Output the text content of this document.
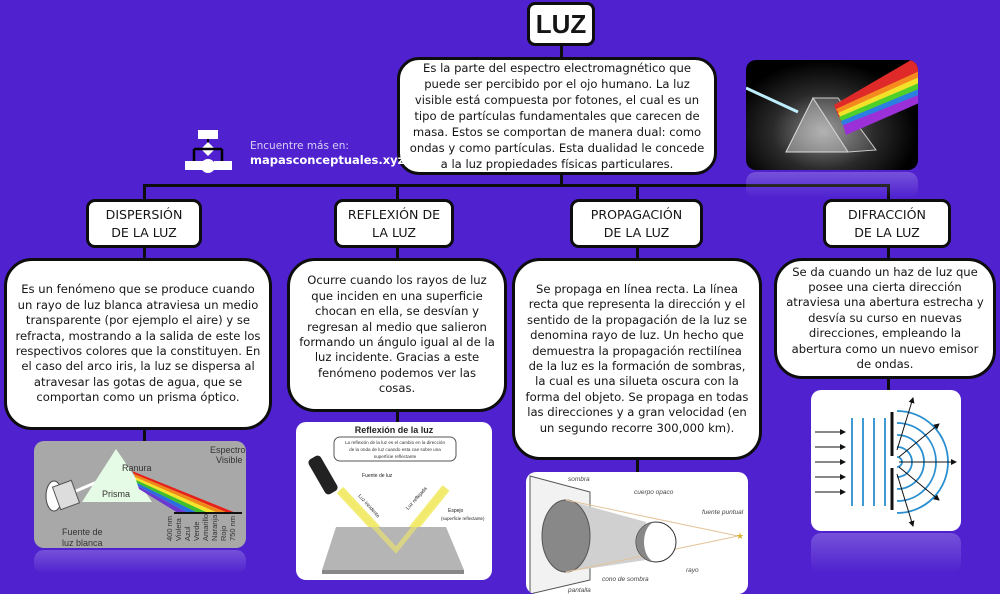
LUZ
Es la parte del espectro electromagnético que puede ser percibido por el ojo humano. La luz visible está compuesta por fotones, el cual es un tipo de partículas fundamentales que carecen de masa. Estos se comportan de manera dual: como ondas y como partículas. Esta dualidad le concede a la luz propiedades físicas particulares.
Encuentre más en:
mapasconceptuales.xyz
DISPERSIÓN
DE LA LUZ
REFLEXIÓN DE
LA LUZ
PROPAGACIÓN
DE LA LUZ
DIFRACCIÓN
DE LA LUZ
Es un fenómeno que se produce cuando un rayo de luz blanca atraviesa un medio transparente (por ejemplo el aire) y se refracta, mostrando a la salida de este los respectivos colores que la constituyen. En el caso del arco iris, la luz se dispersa al atravesar las gotas de agua, que se comportan como un prisma óptico.
Ocurre cuando los rayos de luz que inciden en una superficie chocan en ella, se desvían y regresan al medio que salieron formando un ángulo igual al de la luz incidente. Gracias a este fenómeno podemos ver las cosas.
Se propaga en línea recta. La línea recta que representa la dirección y el sentido de la propagación de la luz se denomina rayo de luz. Un hecho que demuestra la propagación rectilínea de la luz es la formación de sombras, la cual es una silueta oscura con la forma del objeto. Se propaga en todas las direcciones y a gran velocidad (en un segundo recorre 300,000 km).
Se da cuando un haz de luz que posee una cierta dirección atraviesa una abertura estrecha y desvía su curso en nuevas direcciones, empleando la abertura como un nuevo emisor de ondas.
Ranura
Prisma
Espectro
Visible
Fuente de
luz blanca
400 nm Violeta Azul Verde Amarillo Naranja Rojo 750 nm
Reflexión de la luz
La reflexión de la luz es el cambio en la dirección
de la onda de luz cuando esta cae sobre una
superficie reflectante
Fuente de luz
Luz incidente	Luz reflejada	Espejo
(superficie reflectante)
★
sombra
cuerpo opaco
fuente puntual
rayo
cono de sombra
pantalla
